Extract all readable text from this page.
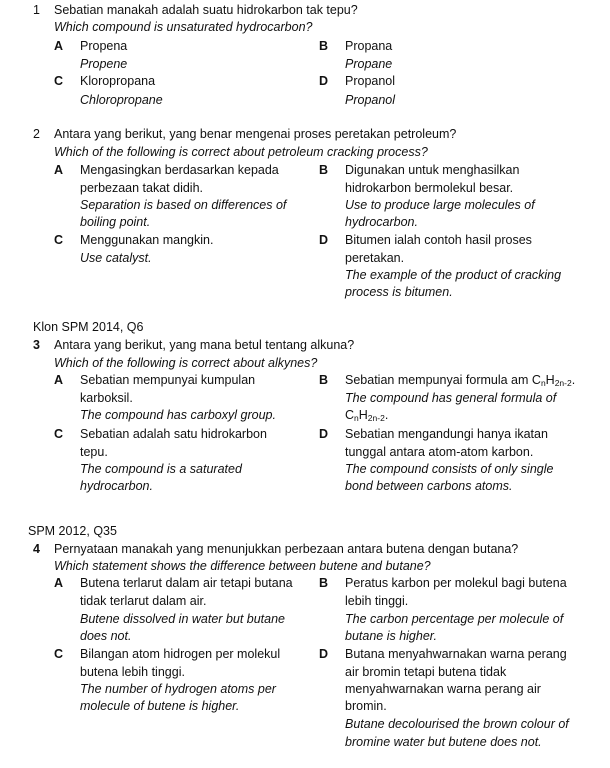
1 Sebatian manakah adalah suatu hidrokarbon tak tepu?
Which compound is unsaturated hydrocarbon?
A Propena
Propene
B Propana
Propane
C Kloropropana
Chloropropane
D Propanol
Propanol
2 Antara yang berikut, yang benar mengenai proses peretakan petroleum?
Which of the following is correct about petroleum cracking process?
A Mengasingkan berdasarkan kepada
perbezaan takat didih.
Separation is based on differences of
boiling point.
B Digunakan untuk menghasilkan
hidrokarbon bermolekul besar.
Use to produce large molecules of
hydrocarbon.
C Menggunakan mangkin.
Use catalyst.
D Bitumen ialah contoh hasil proses
peretakan.
The example of the product of cracking
process is bitumen.
Klon SPM 2014, Q6
3 Antara yang berikut, yang mana betul tentang alkuna?
Which of the following is correct about alkynes?
A Sebatian mempunyai kumpulan
karboksil.
The compound has carboxyl group.
B Sebatian mempunyai formula am $C_nH_{2n-2}$.
The compound has general formula of
$C_nH_{2n-2}$.
C Sebatian adalah satu hidrokarbon
tepu.
The compound is a saturated
hydrocarbon.
D Sebatian mengandungi hanya ikatan
tunggal antara atom-atom karbon.
The compound consists of only single
bond between carbons atoms.
SPM 2012, Q35
4 Pernyataan manakah yang menunjukkan perbezaan antara butena dengan butana?
Which statement shows the difference between butene and butane?
A Butena terlarut dalam air tetapi butana
tidak terlarut dalam air.
Butene dissolved in water but butane
does not.
B Peratus karbon per molekul bagi butena
lebih tinggi.
The carbon percentage per molecule of
butane is higher.
C Bilangan atom hidrogen per molekul
butena lebih tinggi.
The number of hydrogen atoms per
molecule of butene is higher.
D Butana menyahwarnakan warna perang
air bromin tetapi butena tidak
menyahwarnakan warna perang air
bromin.
Butane decolourised the brown colour of
bromine water but butene does not.
